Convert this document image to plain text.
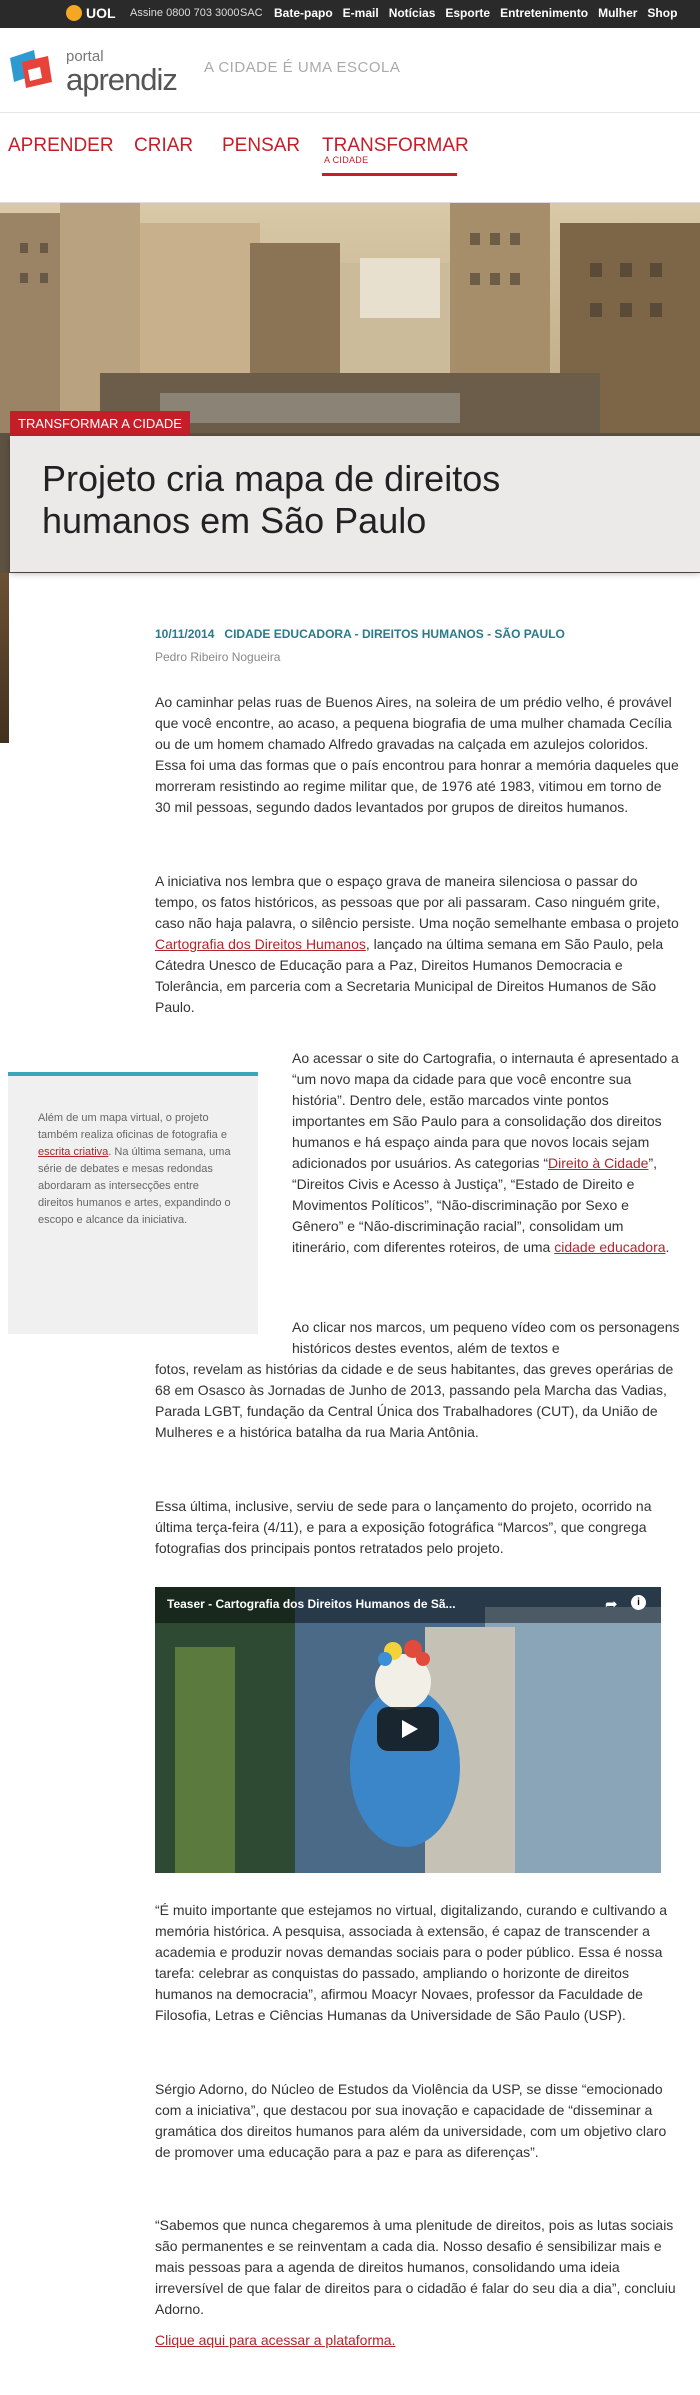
UOL Assine 0800 703 3000 SAC Bate-papo E-mail Notícias Esporte Entretenimento Mulher Shop
portal
aprendiz A CIDADE É UMA ESCOLA
APRENDER CRIAR PENSAR TRANSFORMAR
A CIDADE
TRANSFORMAR A CIDADE
Projeto cria mapa de direitos humanos em São Paulo
10/11/2014 CIDADE EDUCADORA - DIREITOS HUMANOS - SÃO PAULO
Pedro Ribeiro Nogueira

Ao caminhar pelas ruas de Buenos Aires, na soleira de um prédio velho, é provável que você encontre, ao acaso, a pequena biografia de uma mulher chamada Cecília ou de um homem chamado Alfredo gravadas na calçada em azulejos coloridos. Essa foi uma das formas que o país encontrou para honrar a memória daqueles que morreram resistindo ao regime militar que, de 1976 até 1983, vitimou em torno de 30 mil pessoas, segundo dados levantados por grupos de direitos humanos.

A iniciativa nos lembra que o espaço grava de maneira silenciosa o passar do tempo, os fatos históricos, as pessoas que por ali passaram. Caso ninguém grite, caso não haja palavra, o silêncio persiste. Uma noção semelhante embasa o projeto Cartografia dos Direitos Humanos, lançado na última semana em São Paulo, pela Cátedra Unesco de Educação para a Paz, Direitos Humanos Democracia e Tolerância, em parceria com a Secretaria Municipal de Direitos Humanos de São Paulo.

Além de um mapa virtual, o projeto também realiza oficinas de fotografia e escrita criativa. Na última semana, uma série de debates e mesas redondas abordaram as intersecções entre direitos humanos e artes, expandindo o escopo e alcance da iniciativa.

Ao acessar o site do Cartografia, o internauta é apresentado a “um novo mapa da cidade para que você encontre sua história”. Dentro dele, estão marcados vinte pontos importantes em São Paulo para a consolidação dos direitos humanos e há espaço ainda para que novos locais sejam adicionados por usuários. As categorias “Direito à Cidade”, “Direitos Civis e Acesso à Justiça”, “Estado de Direito e Movimentos Políticos”, “Não-discriminação por Sexo e Gênero” e “Não-discriminação racial”, consolidam um itinerário, com diferentes roteiros, de uma cidade educadora.

Ao clicar nos marcos, um pequeno vídeo com os personagens históricos destes eventos, além de textos e

fotos, revelam as histórias da cidade e de seus habitantes, das greves operárias de 68 em Osasco às Jornadas de Junho de 2013, passando pela Marcha das Vadias, Parada LGBT, fundação da Central Única dos Trabalhadores (CUT), da União de Mulheres e a histórica batalha da rua Maria Antônia.

Essa última, inclusive, serviu de sede para o lançamento do projeto, ocorrido na última terça-feira (4/11), e para a exposição fotográfica “Marcos”, que congrega fotografias dos principais pontos retratados pelo projeto.

Teaser - Cartografia dos Direitos Humanos de Sã...	➦	i

“É muito importante que estejamos no virtual, digitalizando, curando e cultivando a memória histórica. A pesquisa, associada à extensão, é capaz de transcender a academia e produzir novas demandas sociais para o poder público. Essa é nossa tarefa: celebrar as conquistas do passado, ampliando o horizonte de direitos humanos na democracia”, afirmou Moacyr Novaes, professor da Faculdade de Filosofia, Letras e Ciências Humanas da Universidade de São Paulo (USP).

Sérgio Adorno, do Núcleo de Estudos da Violência da USP, se disse “emocionado com a iniciativa”, que destacou por sua inovação e capacidade de “disseminar a gramática dos direitos humanos para além da universidade, com um objetivo claro de promover uma educação para a paz e para as diferenças”.

“Sabemos que nunca chegaremos à uma plenitude de direitos, pois as lutas sociais são permanentes e se reinventam a cada dia. Nosso desafio é sensibilizar mais e mais pessoas para a agenda de direitos humanos, consolidando uma ideia irreversível de que falar de direitos para o cidadão é falar do seu dia a dia”, concluiu Adorno.

Clique aqui para acessar a plataforma.
